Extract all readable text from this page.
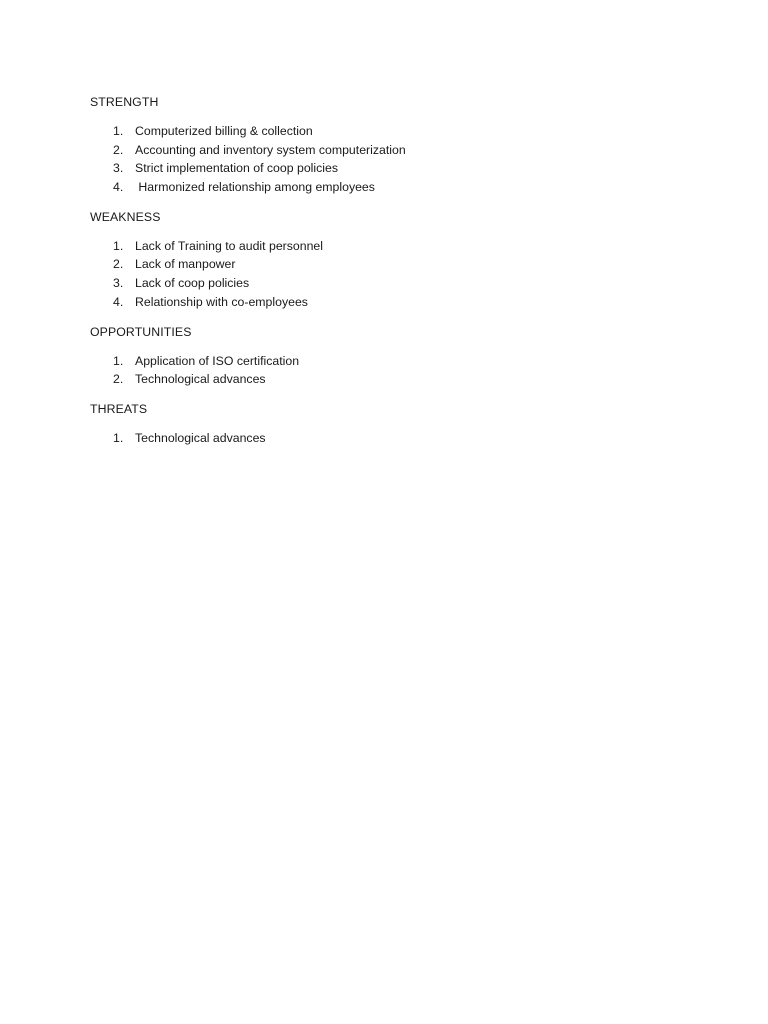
STRENGTH
1. Computerized billing & collection
2. Accounting and inventory system computerization
3. Strict implementation of coop policies
4. Harmonized relationship among employees
WEAKNESS
1. Lack of Training to audit personnel
2. Lack of manpower
3. Lack of coop policies
4. Relationship with co-employees
OPPORTUNITIES
1. Application of ISO certification
2. Technological advances
THREATS
1. Technological advances
